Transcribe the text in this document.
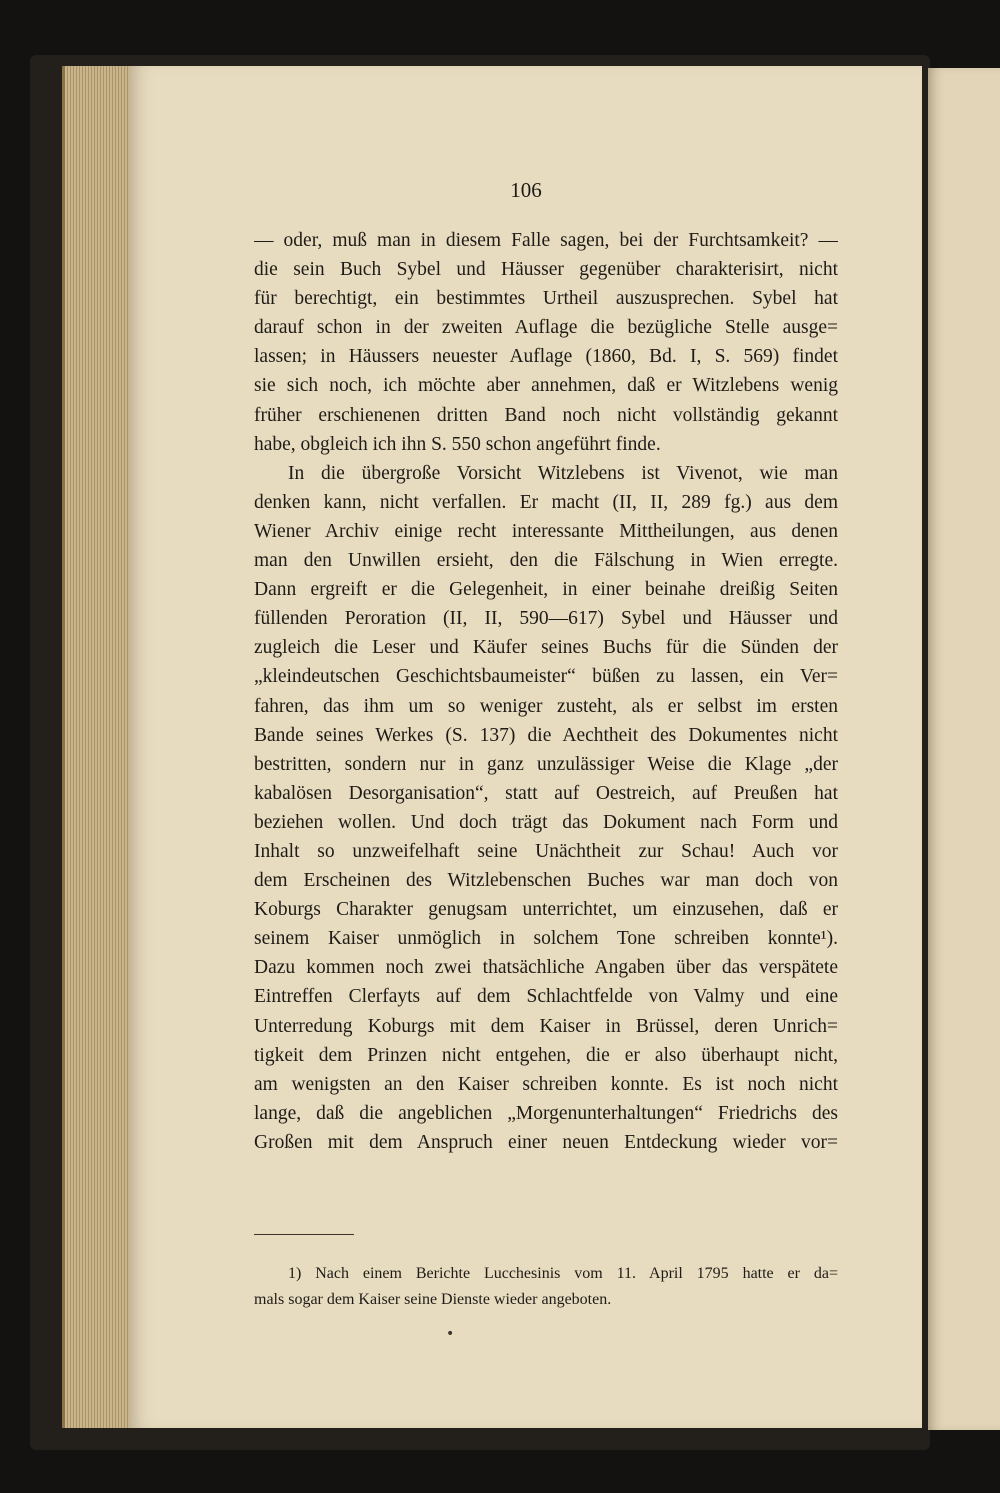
106
— oder, muß man in diesem Falle sagen, bei der Furchtsamkeit? —
die sein Buch Sybel und Häusser gegenüber charakterisirt, nicht
für berechtigt, ein bestimmtes Urtheil auszusprechen. Sybel hat
darauf schon in der zweiten Auflage die bezügliche Stelle ausge=
lassen; in Häussers neuester Auflage (1860, Bd. I, S. 569) findet
sie sich noch, ich möchte aber annehmen, daß er Witzlebens wenig
früher erschienenen dritten Band noch nicht vollständig gekannt
habe, obgleich ich ihn S. 550 schon angeführt finde.
In die übergroße Vorsicht Witzlebens ist Vivenot, wie man
denken kann, nicht verfallen. Er macht (II, II, 289 fg.) aus dem
Wiener Archiv einige recht interessante Mittheilungen, aus denen
man den Unwillen ersieht, den die Fälschung in Wien erregte.
Dann ergreift er die Gelegenheit, in einer beinahe dreißig Seiten
füllenden Peroration (II, II, 590—617) Sybel und Häusser und
zugleich die Leser und Käufer seines Buchs für die Sünden der
„kleindeutschen Geschichtsbaumeister“ büßen zu lassen, ein Ver=
fahren, das ihm um so weniger zusteht, als er selbst im ersten
Bande seines Werkes (S. 137) die Aechtheit des Dokumentes nicht
bestritten, sondern nur in ganz unzulässiger Weise die Klage „der
kabalösen Desorganisation“, statt auf Oestreich, auf Preußen hat
beziehen wollen. Und doch trägt das Dokument nach Form und
Inhalt so unzweifelhaft seine Unächtheit zur Schau! Auch vor
dem Erscheinen des Witzlebenschen Buches war man doch von
Koburgs Charakter genugsam unterrichtet, um einzusehen, daß er
seinem Kaiser unmöglich in solchem Tone schreiben konnte¹).
Dazu kommen noch zwei thatsächliche Angaben über das verspätete
Eintreffen Clerfayts auf dem Schlachtfelde von Valmy und eine
Unterredung Koburgs mit dem Kaiser in Brüssel, deren Unrich=
tigkeit dem Prinzen nicht entgehen, die er also überhaupt nicht,
am wenigsten an den Kaiser schreiben konnte. Es ist noch nicht
lange, daß die angeblichen „Morgenunterhaltungen“ Friedrichs des
Großen mit dem Anspruch einer neuen Entdeckung wieder vor=
1) Nach einem Berichte Lucchesinis vom 11. April 1795 hatte er da=
mals sogar dem Kaiser seine Dienste wieder angeboten.
•
